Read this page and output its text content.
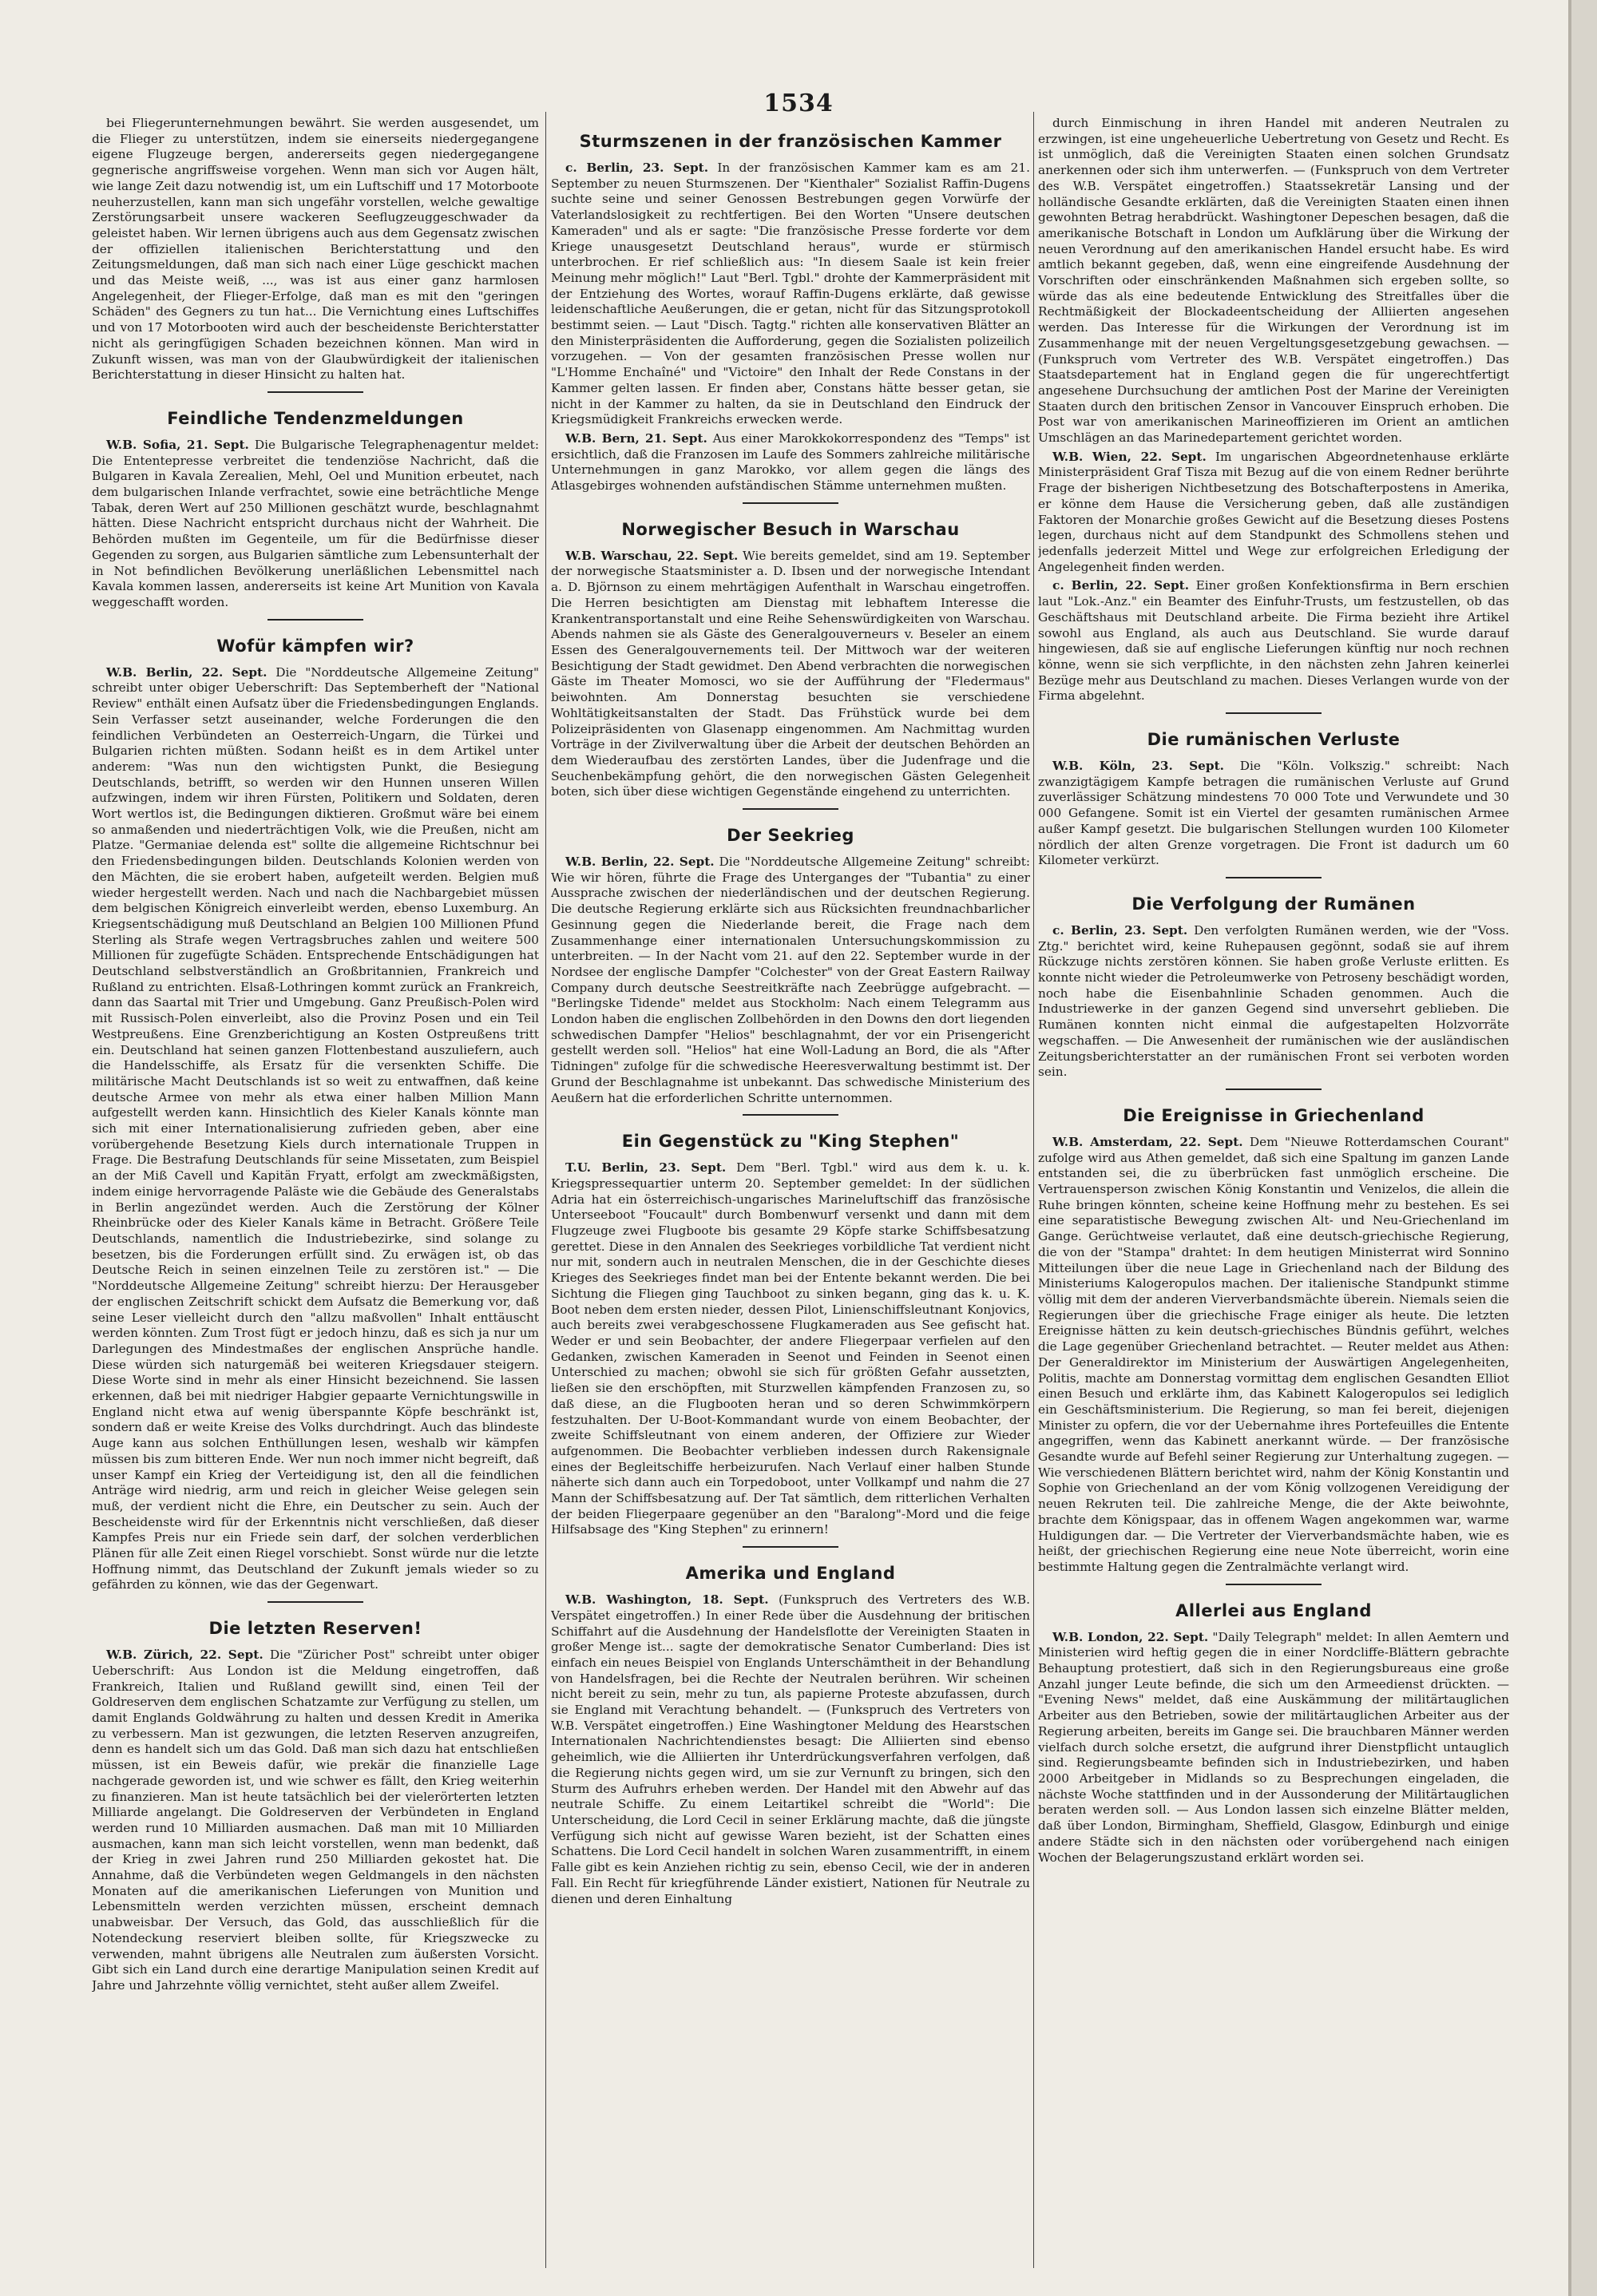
1534

bei Fliegerunternehmungen bewährt. Sie werden ausgesendet, um die Flieger zu unterstützen, indem sie einerseits niedergegangene eigene Flugzeuge bergen, andererseits gegen niedergegangene gegnerische angriffsweise vorgehen. Wenn man sich vor Augen hält, wie lange Zeit dazu notwendig ist, um ein Luftschiff und 17 Motorboote neuherzustellen, kann man sich ungefähr vorstellen, welche gewaltige Zerstörungsarbeit unsere wackeren Seeflugzeuggeschwader da geleistet haben. Wir lernen übrigens auch aus dem Gegensatz zwischen der offiziellen italienischen Berichterstattung und den Zeitungsmeldungen, daß man sich nach einer Lüge geschickt machen und das Meiste weiß, ..., was ist aus einer ganz harmlosen Angelegenheit, der Flieger-Erfolge, daß man es mit den "geringen Schäden" des Gegners zu tun hat... Die Vernichtung eines Luftschiffes und von 17 Motorbooten wird auch der bescheidenste Berichterstatter nicht als geringfügigen Schaden bezeichnen können. Man wird in Zukunft wissen, was man von der Glaubwürdigkeit der italienischen Berichterstattung in dieser Hinsicht zu halten hat.

Feindliche Tendenzmeldungen

W.B. Sofia, 21. Sept. Die Bulgarische Telegraphenagentur meldet: Die Ententepresse verbreitet die tendenziöse Nachricht, daß die Bulgaren in Kavala Zerealien, Mehl, Oel und Munition erbeutet, nach dem bulgarischen Inlande verfrachtet, sowie eine beträchtliche Menge Tabak, deren Wert auf 250 Millionen geschätzt wurde, beschlagnahmt hätten. Diese Nachricht entspricht durchaus nicht der Wahrheit. Die Behörden mußten im Gegenteile, um für die Bedürfnisse dieser Gegenden zu sorgen, aus Bulgarien sämtliche zum Lebensunterhalt der in Not befindlichen Bevölkerung unerläßlichen Lebensmittel nach Kavala kommen lassen, andererseits ist keine Art Munition von Kavala weggeschafft worden.

Wofür kämpfen wir?

W.B. Berlin, 22. Sept. Die "Norddeutsche Allgemeine Zeitung" schreibt unter obiger Ueberschrift: Das Septemberheft der "National Review" enthält einen Aufsatz über die Friedensbedingungen Englands. Sein Verfasser setzt auseinander, welche Forderungen die den feindlichen Verbündeten an Oesterreich-Ungarn, die Türkei und Bulgarien richten müßten. Sodann heißt es in dem Artikel unter anderem: "Was nun den wichtigsten Punkt, die Besiegung Deutschlands, betrifft, so werden wir den Hunnen unseren Willen aufzwingen, indem wir ihren Fürsten, Politikern und Soldaten, deren Wort wertlos ist, die Bedingungen diktieren. Großmut wäre bei einem so anmaßenden und niederträchtigen Volk, wie die Preußen, nicht am Platze. "Germaniae delenda est" sollte die allgemeine Richtschnur bei den Friedensbedingungen bilden. Deutschlands Kolonien werden von den Mächten, die sie erobert haben, aufgeteilt werden. Belgien muß wieder hergestellt werden. Nach und nach die Nachbargebiet müssen dem belgischen Königreich einverleibt werden, ebenso Luxemburg. An Kriegsentschädigung muß Deutschland an Belgien 100 Millionen Pfund Sterling als Strafe wegen Vertragsbruches zahlen und weitere 500 Millionen für zugefügte Schäden. Entsprechende Entschädigungen hat Deutschland selbstverständlich an Großbritannien, Frankreich und Rußland zu entrichten. Elsaß-Lothringen kommt zurück an Frankreich, dann das Saartal mit Trier und Umgebung. Ganz Preußisch-Polen wird mit Russisch-Polen einverleibt, also die Provinz Posen und ein Teil Westpreußens. Eine Grenzberichtigung an Kosten Ostpreußens tritt ein. Deutschland hat seinen ganzen Flottenbestand auszuliefern, auch die Handelsschiffe, als Ersatz für die versenkten Schiffe. Die militärische Macht Deutschlands ist so weit zu entwaffnen, daß keine deutsche Armee von mehr als etwa einer halben Million Mann aufgestellt werden kann. Hinsichtlich des Kieler Kanals könnte man sich mit einer Internationalisierung zufrieden geben, aber eine vorübergehende Besetzung Kiels durch internationale Truppen in Frage. Die Bestrafung Deutschlands für seine Missetaten, zum Beispiel an der Miß Cavell und Kapitän Fryatt, erfolgt am zweckmäßigsten, indem einige hervorragende Paläste wie die Gebäude des Generalstabs in Berlin angezündet werden. Auch die Zerstörung der Kölner Rheinbrücke oder des Kieler Kanals käme in Betracht. Größere Teile Deutschlands, namentlich die Industriebezirke, sind solange zu besetzen, bis die Forderungen erfüllt sind. Zu erwägen ist, ob das Deutsche Reich in seinen einzelnen Teile zu zerstören ist." — Die "Norddeutsche Allgemeine Zeitung" schreibt hierzu: Der Herausgeber der englischen Zeitschrift schickt dem Aufsatz die Bemerkung vor, daß seine Leser vielleicht durch den "allzu maßvollen" Inhalt enttäuscht werden könnten. Zum Trost fügt er jedoch hinzu, daß es sich ja nur um Darlegungen des Mindestmaßes der englischen Ansprüche handle. Diese würden sich naturgemäß bei weiteren Kriegsdauer steigern. Diese Worte sind in mehr als einer Hinsicht bezeichnend. Sie lassen erkennen, daß bei mit niedriger Habgier gepaarte Vernichtungswille in England nicht etwa auf wenig überspannte Köpfe beschränkt ist, sondern daß er weite Kreise des Volks durchdringt. Auch das blindeste Auge kann aus solchen Enthüllungen lesen, weshalb wir kämpfen müssen bis zum bitteren Ende. Wer nun noch immer nicht begreift, daß unser Kampf ein Krieg der Verteidigung ist, den all die feindlichen Anträge wird niedrig, arm und reich in gleicher Weise gelegen sein muß, der verdient nicht die Ehre, ein Deutscher zu sein. Auch der Bescheidenste wird für der Erkenntnis nicht verschließen, daß dieser Kampfes Preis nur ein Friede sein darf, der solchen verderblichen Plänen für alle Zeit einen Riegel vorschiebt. Sonst würde nur die letzte Hoffnung nimmt, das Deutschland der Zukunft jemals wieder so zu gefährden zu können, wie das der Gegenwart.

Die letzten Reserven!

W.B. Zürich, 22. Sept. Die "Züricher Post" schreibt unter obiger Ueberschrift: Aus London ist die Meldung eingetroffen, daß Frankreich, Italien und Rußland gewillt sind, einen Teil der Goldreserven dem englischen Schatzamte zur Verfügung zu stellen, um damit Englands Goldwährung zu halten und dessen Kredit in Amerika zu verbessern. Man ist gezwungen, die letzten Reserven anzugreifen, denn es handelt sich um das Gold. Daß man sich dazu hat entschließen müssen, ist ein Beweis dafür, wie prekär die finanzielle Lage nachgerade geworden ist, und wie schwer es fällt, den Krieg weiterhin zu finanzieren. Man ist heute tatsächlich bei der vielerörterten letzten Milliarde angelangt. Die Goldreserven der Verbündeten in England werden rund 10 Milliarden ausmachen. Daß man mit 10 Milliarden ausmachen, kann man sich leicht vorstellen, wenn man bedenkt, daß der Krieg in zwei Jahren rund 250 Milliarden gekostet hat. Die Annahme, daß die Verbündeten wegen Geldmangels in den nächsten Monaten auf die amerikanischen Lieferungen von Munition und Lebensmitteln werden verzichten müssen, erscheint demnach unabweisbar. Der Versuch, das Gold, das ausschließlich für die Notendeckung reserviert bleiben sollte, für Kriegszwecke zu verwenden, mahnt übrigens alle Neutralen zum äußersten Vorsicht. Gibt sich ein Land durch eine derartige Manipulation seinen Kredit auf Jahre und Jahrzehnte völlig vernichtet, steht außer allem Zweifel.

Sturmszenen in der französischen Kammer

c. Berlin, 23. Sept. In der französischen Kammer kam es am 21. September zu neuen Sturmszenen. Der "Kienthaler" Sozialist Raffin-Dugens suchte seine und seiner Genossen Bestrebungen gegen Vorwürfe der Vaterlandslosigkeit zu rechtfertigen. Bei den Worten "Unsere deutschen Kameraden" und als er sagte: "Die französische Presse forderte vor dem Kriege unausgesetzt Deutschland heraus", wurde er stürmisch unterbrochen. Er rief schließlich aus: "In diesem Saale ist kein freier Meinung mehr möglich!" Laut "Berl. Tgbl." drohte der Kammerpräsident mit der Entziehung des Wortes, worauf Raffin-Dugens erklärte, daß gewisse leidenschaftliche Aeußerungen, die er getan, nicht für das Sitzungsprotokoll bestimmt seien. — Laut "Disch. Tagtg." richten alle konservativen Blätter an den Ministerpräsidenten die Aufforderung, gegen die Sozialisten polizeilich vorzugehen. — Von der gesamten französischen Presse wollen nur "L'Homme Enchaîné" und "Victoire" den Inhalt der Rede Constans in der Kammer gelten lassen. Er finden aber, Constans hätte besser getan, sie nicht in der Kammer zu halten, da sie in Deutschland den Eindruck der Kriegsmüdigkeit Frankreichs erwecken werde.

W.B. Bern, 21. Sept. Aus einer Marokkokorrespondenz des "Temps" ist ersichtlich, daß die Franzosen im Laufe des Sommers zahlreiche militärische Unternehmungen in ganz Marokko, vor allem gegen die längs des Atlasgebirges wohnenden aufständischen Stämme unternehmen mußten.

Norwegischer Besuch in Warschau

W.B. Warschau, 22. Sept. Wie bereits gemeldet, sind am 19. September der norwegische Staatsminister a. D. Ibsen und der norwegische Intendant a. D. Björnson zu einem mehrtägigen Aufenthalt in Warschau eingetroffen. Die Herren besichtigten am Dienstag mit lebhaftem Interesse die Krankentransportanstalt und eine Reihe Sehenswürdigkeiten von Warschau. Abends nahmen sie als Gäste des Generalgouverneurs v. Beseler an einem Essen des Generalgouvernements teil. Der Mittwoch war der weiteren Besichtigung der Stadt gewidmet. Den Abend verbrachten die norwegischen Gäste im Theater Momosci, wo sie der Aufführung der "Fledermaus" beiwohnten. Am Donnerstag besuchten sie verschiedene Wohltätigkeitsanstalten der Stadt. Das Frühstück wurde bei dem Polizeipräsidenten von Glasenapp eingenommen. Am Nachmittag wurden Vorträge in der Zivilverwaltung über die Arbeit der deutschen Behörden an dem Wiederaufbau des zerstörten Landes, über die Judenfrage und die Seuchenbekämpfung gehört, die den norwegischen Gästen Gelegenheit boten, sich über diese wichtigen Gegenstände eingehend zu unterrichten.

Der Seekrieg

W.B. Berlin, 22. Sept. Die "Norddeutsche Allgemeine Zeitung" schreibt: Wie wir hören, führte die Frage des Unterganges der "Tubantia" zu einer Aussprache zwischen der niederländischen und der deutschen Regierung. Die deutsche Regierung erklärte sich aus Rücksichten freundnachbarlicher Gesinnung gegen die Niederlande bereit, die Frage nach dem Zusammenhange einer internationalen Untersuchungskommission zu unterbreiten. — In der Nacht vom 21. auf den 22. September wurde in der Nordsee der englische Dampfer "Colchester" von der Great Eastern Railway Company durch deutsche Seestreitkräfte nach Zeebrügge aufgebracht. — "Berlingske Tidende" meldet aus Stockholm: Nach einem Telegramm aus London haben die englischen Zollbehörden in den Downs den dort liegenden schwedischen Dampfer "Helios" beschlagnahmt, der vor ein Prisengericht gestellt werden soll. "Helios" hat eine Woll-Ladung an Bord, die als "After Tidningen" zufolge für die schwedische Heeresverwaltung bestimmt ist. Der Grund der Beschlagnahme ist unbekannt. Das schwedische Ministerium des Aeußern hat die erforderlichen Schritte unternommen.

Ein Gegenstück zu "King Stephen"

T.U. Berlin, 23. Sept. Dem "Berl. Tgbl." wird aus dem k. u. k. Kriegspressequartier unterm 20. September gemeldet: In der südlichen Adria hat ein österreichisch-ungarisches Marineluftschiff das französische Unterseeboot "Foucault" durch Bombenwurf versenkt und dann mit dem Flugzeuge zwei Flugboote bis gesamte 29 Köpfe starke Schiffsbesatzung gerettet. Diese in den Annalen des Seekrieges vorbildliche Tat verdient nicht nur mit, sondern auch in neutralen Menschen, die in der Geschichte dieses Krieges des Seekrieges findet man bei der Entente bekannt werden. Die bei Sichtung die Fliegen ging Tauchboot zu sinken begann, ging das k. u. K. Boot neben dem ersten nieder, dessen Pilot, Linienschiffsleutnant Konjovics, auch bereits zwei verabgeschossene Flugkameraden aus See gefischt hat. Weder er und sein Beobachter, der andere Fliegerpaar verfielen auf den Gedanken, zwischen Kameraden in Seenot und Feinden in Seenot einen Unterschied zu machen; obwohl sie sich für größten Gefahr aussetzten, ließen sie den erschöpften, mit Sturzwellen kämpfenden Franzosen zu, so daß diese, an die Flugbooten heran und so deren Schwimmkörpern festzuhalten. Der U-Boot-Kommandant wurde von einem Beobachter, der zweite Schiffsleutnant von einem anderen, der Offiziere zur Wieder aufgenommen. Die Beobachter verblieben indessen durch Rakensignale eines der Begleitschiffe herbeizurufen. Nach Verlauf einer halben Stunde näherte sich dann auch ein Torpedoboot, unter Vollkampf und nahm die 27 Mann der Schiffsbesatzung auf. Der Tat sämtlich, dem ritterlichen Verhalten der beiden Fliegerpaare gegenüber an den "Baralong"-Mord und die feige Hilfsabsage des "King Stephen" zu erinnern!

Amerika und England

W.B. Washington, 18. Sept. (Funkspruch des Vertreters des W.B. Verspätet eingetroffen.) In einer Rede über die Ausdehnung der britischen Schiffahrt auf die Ausdehnung der Handelsflotte der Vereinigten Staaten in großer Menge ist... sagte der demokratische Senator Cumberland: Dies ist einfach ein neues Beispiel von Englands Unterschämtheit in der Behandlung von Handelsfragen, bei die Rechte der Neutralen berühren. Wir scheinen nicht bereit zu sein, mehr zu tun, als papierne Proteste abzufassen, durch sie England mit Verachtung behandelt. — (Funkspruch des Vertreters von W.B. Verspätet eingetroffen.) Eine Washingtoner Meldung des Hearstschen Internationalen Nachrichtendienstes besagt: Die Alliierten sind ebenso geheimlich, wie die Alliierten ihr Unterdrückungsverfahren verfolgen, daß die Regierung nichts gegen wird, um sie zur Vernunft zu bringen, sich den Sturm des Aufruhrs erheben werden. Der Handel mit den Abwehr auf das neutrale Schiffe. Zu einem Leitartikel schreibt die "World": Die Unterscheidung, die Lord Cecil in seiner Erklärung machte, daß die jüngste Verfügung sich nicht auf gewisse Waren bezieht, ist der Schatten eines Schattens. Die Lord Cecil handelt in solchen Waren zusammentrifft, in einem Falle gibt es kein Anziehen richtig zu sein, ebenso Cecil, wie der in anderen Fall. Ein Recht für kriegführende Länder existiert, Nationen für Neutrale zu dienen und deren Einhaltung

durch Einmischung in ihren Handel mit anderen Neutralen zu erzwingen, ist eine ungeheuerliche Uebertretung von Gesetz und Recht. Es ist unmöglich, daß die Vereinigten Staaten einen solchen Grundsatz anerkennen oder sich ihm unterwerfen. — (Funkspruch von dem Vertreter des W.B. Verspätet eingetroffen.) Staatssekretär Lansing und der holländische Gesandte erklärten, daß die Vereinigten Staaten einen ihnen gewohnten Betrag herabdrückt. Washingtoner Depeschen besagen, daß die amerikanische Botschaft in London um Aufklärung über die Wirkung der neuen Verordnung auf den amerikanischen Handel ersucht habe. Es wird amtlich bekannt gegeben, daß, wenn eine eingreifende Ausdehnung der Vorschriften oder einschränkenden Maßnahmen sich ergeben sollte, so würde das als eine bedeutende Entwicklung des Streitfalles über die Rechtmäßigkeit der Blockadeentscheidung der Alliierten angesehen werden. Das Interesse für die Wirkungen der Verordnung ist im Zusammenhange mit der neuen Vergeltungsgesetzgebung gewachsen. — (Funkspruch vom Vertreter des W.B. Verspätet eingetroffen.) Das Staatsdepartement hat in England gegen die für ungerechtfertigt angesehene Durchsuchung der amtlichen Post der Marine der Vereinigten Staaten durch den britischen Zensor in Vancouver Einspruch erhoben. Die Post war von amerikanischen Marineoffizieren im Orient an amtlichen Umschlägen an das Marinedepartement gerichtet worden.

W.B. Wien, 22. Sept. Im ungarischen Abgeordnetenhause erklärte Ministerpräsident Graf Tisza mit Bezug auf die von einem Redner berührte Frage der bisherigen Nichtbesetzung des Botschafterpostens in Amerika, er könne dem Hause die Versicherung geben, daß alle zuständigen Faktoren der Monarchie großes Gewicht auf die Besetzung dieses Postens legen, durchaus nicht auf dem Standpunkt des Schmollens stehen und jedenfalls jederzeit Mittel und Wege zur erfolgreichen Erledigung der Angelegenheit finden werden.

c. Berlin, 22. Sept. Einer großen Konfektionsfirma in Bern erschien laut "Lok.-Anz." ein Beamter des Einfuhr-Trusts, um festzustellen, ob das Geschäftshaus mit Deutschland arbeite. Die Firma bezieht ihre Artikel sowohl aus England, als auch aus Deutschland. Sie wurde darauf hingewiesen, daß sie auf englische Lieferungen künftig nur noch rechnen könne, wenn sie sich verpflichte, in den nächsten zehn Jahren keinerlei Bezüge mehr aus Deutschland zu machen. Dieses Verlangen wurde von der Firma abgelehnt.

Die rumänischen Verluste

W.B. Köln, 23. Sept. Die "Köln. Volkszig." schreibt: Nach zwanzigtägigem Kampfe betragen die rumänischen Verluste auf Grund zuverlässiger Schätzung mindestens 70 000 Tote und Verwundete und 30 000 Gefangene. Somit ist ein Viertel der gesamten rumänischen Armee außer Kampf gesetzt. Die bulgarischen Stellungen wurden 100 Kilometer nördlich der alten Grenze vorgetragen. Die Front ist dadurch um 60 Kilometer verkürzt.

Die Verfolgung der Rumänen

c. Berlin, 23. Sept. Den verfolgten Rumänen werden, wie der "Voss. Ztg." berichtet wird, keine Ruhepausen gegönnt, sodaß sie auf ihrem Rückzuge nichts zerstören können. Sie haben große Verluste erlitten. Es konnte nicht wieder die Petroleumwerke von Petroseny beschädigt worden, noch habe die Eisenbahnlinie Schaden genommen. Auch die Industriewerke in der ganzen Gegend sind unversehrt geblieben. Die Rumänen konnten nicht einmal die aufgestapelten Holzvorräte wegschaffen. — Die Anwesenheit der rumänischen wie der ausländischen Zeitungsberichterstatter an der rumänischen Front sei verboten worden sein.

Die Ereignisse in Griechenland

W.B. Amsterdam, 22. Sept. Dem "Nieuwe Rotterdamschen Courant" zufolge wird aus Athen gemeldet, daß sich eine Spaltung im ganzen Lande entstanden sei, die zu überbrücken fast unmöglich erscheine. Die Vertrauensperson zwischen König Konstantin und Venizelos, die allein die Ruhe bringen könnten, scheine keine Hoffnung mehr zu bestehen. Es sei eine separatistische Bewegung zwischen Alt- und Neu-Griechenland im Gange. Gerüchtweise verlautet, daß eine deutsch-griechische Regierung, die von der "Stampa" drahtet: In dem heutigen Ministerrat wird Sonnino Mitteilungen über die neue Lage in Griechenland nach der Bildung des Ministeriums Kalogeropulos machen. Der italienische Standpunkt stimme völlig mit dem der anderen Vierverbandsmächte überein. Niemals seien die Regierungen über die griechische Frage einiger als heute. Die letzten Ereignisse hätten zu kein deutsch-griechisches Bündnis geführt, welches die Lage gegenüber Griechenland betrachtet. — Reuter meldet aus Athen: Der Generaldirektor im Ministerium der Auswärtigen Angelegenheiten, Politis, machte am Donnerstag vormittag dem englischen Gesandten Elliot einen Besuch und erklärte ihm, das Kabinett Kalogeropulos sei lediglich ein Geschäftsministerium. Die Regierung, so man fei bereit, diejenigen Minister zu opfern, die vor der Uebernahme ihres Portefeuilles die Entente angegriffen, wenn das Kabinett anerkannt würde. — Der französische Gesandte wurde auf Befehl seiner Regierung zur Unterhaltung zugegen. — Wie verschiedenen Blättern berichtet wird, nahm der König Konstantin und Sophie von Griechenland an der vom König vollzogenen Vereidigung der neuen Rekruten teil. Die zahlreiche Menge, die der Akte beiwohnte, brachte dem Königspaar, das in offenem Wagen angekommen war, warme Huldigungen dar. — Die Vertreter der Vierverbandsmächte haben, wie es heißt, der griechischen Regierung eine neue Note überreicht, worin eine bestimmte Haltung gegen die Zentralmächte verlangt wird.

Allerlei aus England

W.B. London, 22. Sept. "Daily Telegraph" meldet: In allen Aemtern und Ministerien wird heftig gegen die in einer Nordcliffe-Blättern gebrachte Behauptung protestiert, daß sich in den Regierungsbureaus eine große Anzahl junger Leute befinde, die sich um den Armeedienst drückten. — "Evening News" meldet, daß eine Auskämmung der militärtauglichen Arbeiter aus den Betrieben, sowie der militärtauglichen Arbeiter aus der Regierung arbeiten, bereits im Gange sei. Die brauchbaren Männer werden vielfach durch solche ersetzt, die aufgrund ihrer Dienstpflicht untauglich sind. Regierungsbeamte befinden sich in Industriebezirken, und haben 2000 Arbeitgeber in Midlands so zu Besprechungen eingeladen, die nächste Woche stattfinden und in der Aussonderung der Militärtauglichen beraten werden soll. — Aus London lassen sich einzelne Blätter melden, daß über London, Birmingham, Sheffield, Glasgow, Edinburgh und einige andere Städte sich in den nächsten oder vorübergehend nach einigen Wochen der Belagerungszustand erklärt worden sei.
